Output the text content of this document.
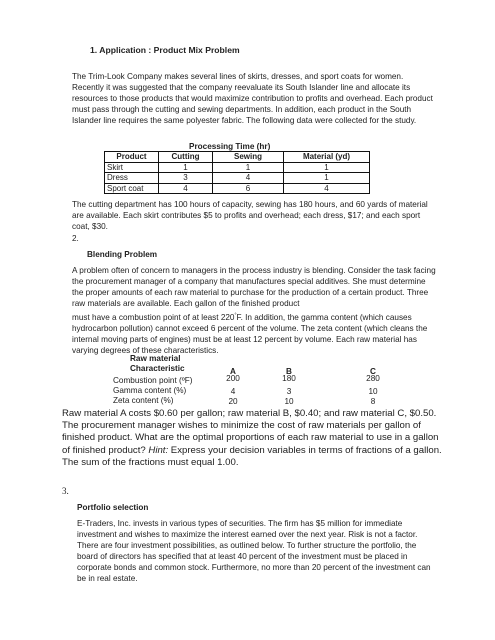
1. Application : Product Mix Problem
The Trim-Look Company makes several lines of skirts, dresses, and sport coats for women. Recently it was suggested that the company reevaluate its South Islander line and allocate its resources to those products that would maximize contribution to profits and overhead. Each product must pass through the cutting and sewing departments. In addition, each product in the South Islander line requires the same polyester fabric. The following data were collected for the study.
Processing Time (hr)
Product	Cutting	Sewing	Material (yd)
Skirt	1	1	1
Dress	3	4	1
Sport coat	4	6	4
The cutting department has 100 hours of capacity, sewing has 180 hours, and 60 yards of material are available. Each skirt contributes $5 to profits and overhead; each dress, $17; and each sport coat, $30.
2.
Blending Problem
A problem often of concern to managers in the process industry is blending. Consider the task facing the procurement manager of a company that manufactures special additives. She must determine the proper amounts of each raw material to purchase for the production of a certain product. Three raw materials are available. Each gallon of the finished product
must have a combustion point of at least 220°F. In addition, the gamma content (which causes hydrocarbon pollution) cannot exceed 6 percent of the volume. The zeta content (which cleans the internal moving parts of engines) must be at least 12 percent by volume. Each raw material has varying degrees of these characteristics.
Raw material
Characteristic	A	B	C
Combustion point (ºF)	200	180	280
Gamma content (%)	4	3	10
Zeta content (%)	20	10	8
Raw material A costs $0.60 per gallon; raw material B, $0.40; and raw material C, $0.50. The procurement manager wishes to minimize the cost of raw materials per gallon of finished product. What are the optimal proportions of each raw material to use in a gallon of finished product? Hint: Express your decision variables in terms of fractions of a gallon. The sum of the fractions must equal 1.00.
3.
Portfolio selection
E-Traders, Inc. invests in various types of securities. The firm has $5 million for immediate investment and wishes to maximize the interest earned over the next year. Risk is not a factor. There are four investment possibilities, as outlined below. To further structure the portfolio, the board of directors has specified that at least 40 percent of the investment must be placed in corporate bonds and common stock. Furthermore, no more than 20 percent of the investment can be in real estate.
